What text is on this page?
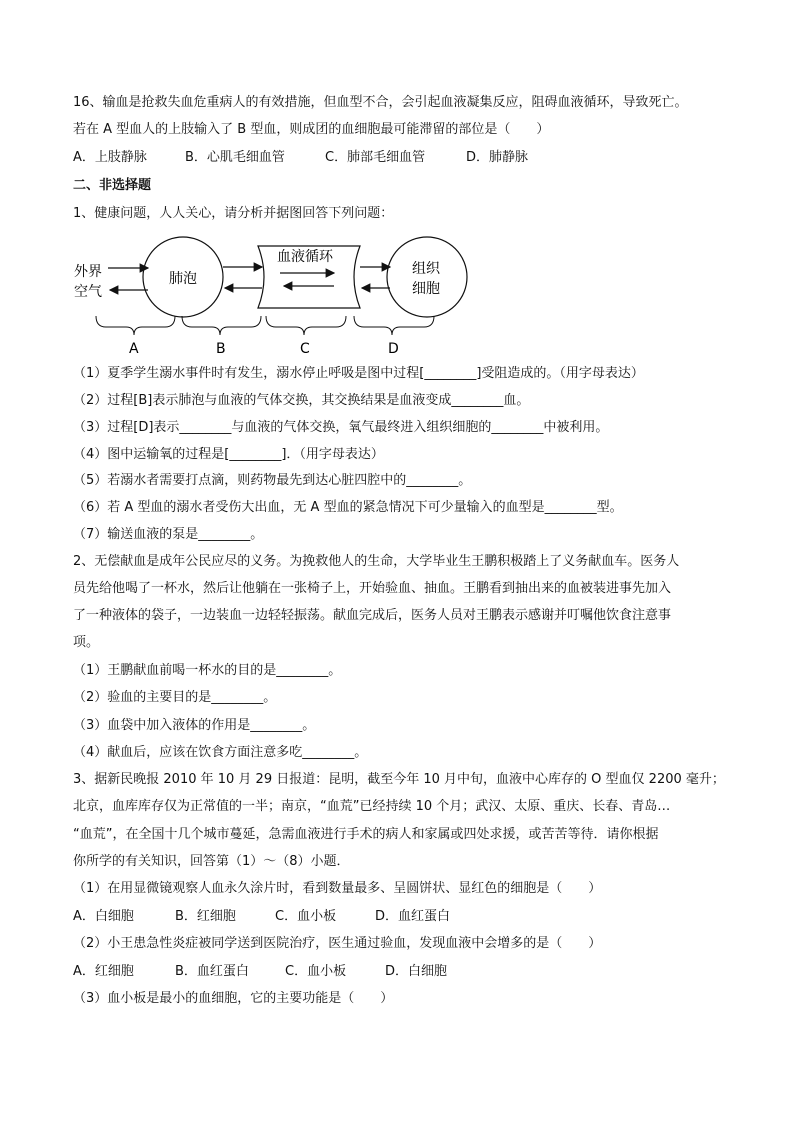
16、输血是抢救失血危重病人的有效措施，但血型不合，会引起血液凝集反应，阻碍血液循环，导致死亡。
若在 A 型血人的上肢输入了 B 型血，则成团的血细胞最可能滞留的部位是（　　）
A．上肢静脉	B．心肌毛细血管	C．肺部毛细血管	D．肺静脉
二、非选择题
1、健康问题，人人关心，请分析并据图回答下列问题：
外界
空气
肺泡
血液循环
组织
细胞
A	B	C	D
（1）夏季学生溺水事件时有发生，溺水停止呼吸是图中过程[________]受阻造成的。（用字母表达）
（2）过程[B]表示肺泡与血液的气体交换，其交换结果是血液变成________血。
（3）过程[D]表示________与血液的气体交换，氧气最终进入组织细胞的________中被利用。
（4）图中运输氧的过程是[________]．（用字母表达）
（5）若溺水者需要打点滴，则药物最先到达心脏四腔中的________。
（6）若 A 型血的溺水者受伤大出血，无 A 型血的紧急情况下可少量输入的血型是________型。
（7）输送血液的泵是________。
2、无偿献血是成年公民应尽的义务。为挽救他人的生命，大学毕业生王鹏积极踏上了义务献血车。医务人
员先给他喝了一杯水，然后让他躺在一张椅子上，开始验血、抽血。王鹏看到抽出来的血被装进事先加入
了一种液体的袋子，一边装血一边轻轻振荡。献血完成后，医务人员对王鹏表示感谢并叮嘱他饮食注意事
项。
（1）王鹏献血前喝一杯水的目的是________。
（2）验血的主要目的是________。
（3）血袋中加入液体的作用是________。
（4）献血后，应该在饮食方面注意多吃________。
3、据新民晚报 2010 年 10 月 29 日报道：昆明，截至今年 10 月中旬，血液中心库存的 O 型血仅 2200 毫升；
北京，血库库存仅为正常值的一半；南京，“血荒”已经持续 10 个月；武汉、太原、重庆、长春、青岛…
“血荒”，在全国十几个城市蔓延，急需血液进行手术的病人和家属或四处求援，或苦苦等待．请你根据
你所学的有关知识，回答第（1）～（8）小题．
（1）在用显微镜观察人血永久涂片时，看到数量最多、呈圆饼状、显红色的细胞是（　　）
A．白细胞	B．红细胞	C．血小板	D．血红蛋白
（2）小王患急性炎症被同学送到医院治疗，医生通过验血，发现血液中会增多的是（　　）
A．红细胞	B．血红蛋白	C．血小板	D．白细胞
（3）血小板是最小的血细胞，它的主要功能是（　　）
